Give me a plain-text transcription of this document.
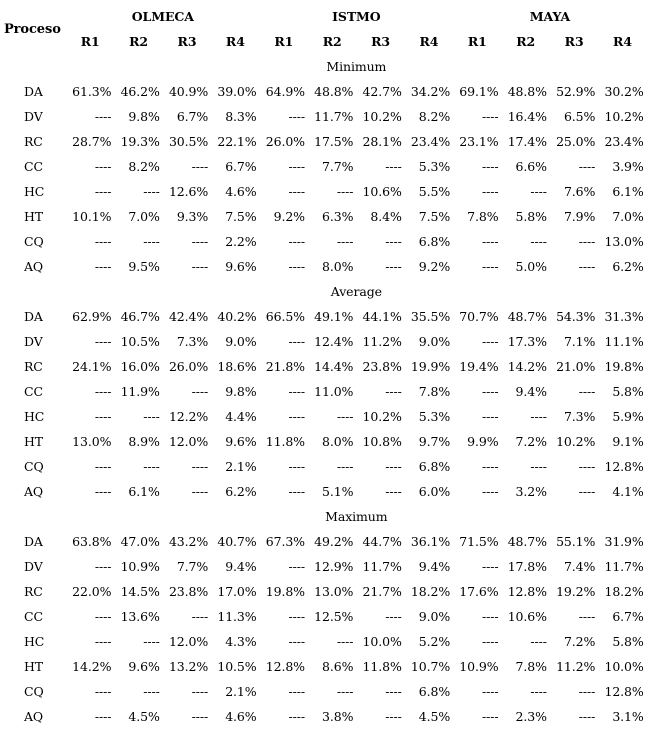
Proceso	OLMECA				ISTMO				MAYA			
	R1	R2	R3	R4	R1	R2	R3	R4	R1	R2	R3	R4
	Minimum											
DA	61.3%	46.2%	40.9%	39.0%	64.9%	48.8%	42.7%	34.2%	69.1%	48.8%	52.9%	30.2%
DV	----	9.8%	6.7%	8.3%	----	11.7%	10.2%	8.2%	----	16.4%	6.5%	10.2%
RC	28.7%	19.3%	30.5%	22.1%	26.0%	17.5%	28.1%	23.4%	23.1%	17.4%	25.0%	23.4%
CC	----	8.2%	----	6.7%	----	7.7%	----	5.3%	----	6.6%	----	3.9%
HC	----	----	12.6%	4.6%	----	----	10.6%	5.5%	----	----	7.6%	6.1%
HT	10.1%	7.0%	9.3%	7.5%	9.2%	6.3%	8.4%	7.5%	7.8%	5.8%	7.9%	7.0%
CQ	----	----	----	2.2%	----	----	----	6.8%	----	----	----	13.0%
AQ	----	9.5%	----	9.6%	----	8.0%	----	9.2%	----	5.0%	----	6.2%
	Average											
DA	62.9%	46.7%	42.4%	40.2%	66.5%	49.1%	44.1%	35.5%	70.7%	48.7%	54.3%	31.3%
DV	----	10.5%	7.3%	9.0%	----	12.4%	11.2%	9.0%	----	17.3%	7.1%	11.1%
RC	24.1%	16.0%	26.0%	18.6%	21.8%	14.4%	23.8%	19.9%	19.4%	14.2%	21.0%	19.8%
CC	----	11.9%	----	9.8%	----	11.0%	----	7.8%	----	9.4%	----	5.8%
HC	----	----	12.2%	4.4%	----	----	10.2%	5.3%	----	----	7.3%	5.9%
HT	13.0%	8.9%	12.0%	9.6%	11.8%	8.0%	10.8%	9.7%	9.9%	7.2%	10.2%	9.1%
CQ	----	----	----	2.1%	----	----	----	6.8%	----	----	----	12.8%
AQ	----	6.1%	----	6.2%	----	5.1%	----	6.0%	----	3.2%	----	4.1%
	Maximum											
DA	63.8%	47.0%	43.2%	40.7%	67.3%	49.2%	44.7%	36.1%	71.5%	48.7%	55.1%	31.9%
DV	----	10.9%	7.7%	9.4%	----	12.9%	11.7%	9.4%	----	17.8%	7.4%	11.7%
RC	22.0%	14.5%	23.8%	17.0%	19.8%	13.0%	21.7%	18.2%	17.6%	12.8%	19.2%	18.2%
CC	----	13.6%	----	11.3%	----	12.5%	----	9.0%	----	10.6%	----	6.7%
HC	----	----	12.0%	4.3%	----	----	10.0%	5.2%	----	----	7.2%	5.8%
HT	14.2%	9.6%	13.2%	10.5%	12.8%	8.6%	11.8%	10.7%	10.9%	7.8%	11.2%	10.0%
CQ	----	----	----	2.1%	----	----	----	6.8%	----	----	----	12.8%
AQ	----	4.5%	----	4.6%	----	3.8%	----	4.5%	----	2.3%	----	3.1%
